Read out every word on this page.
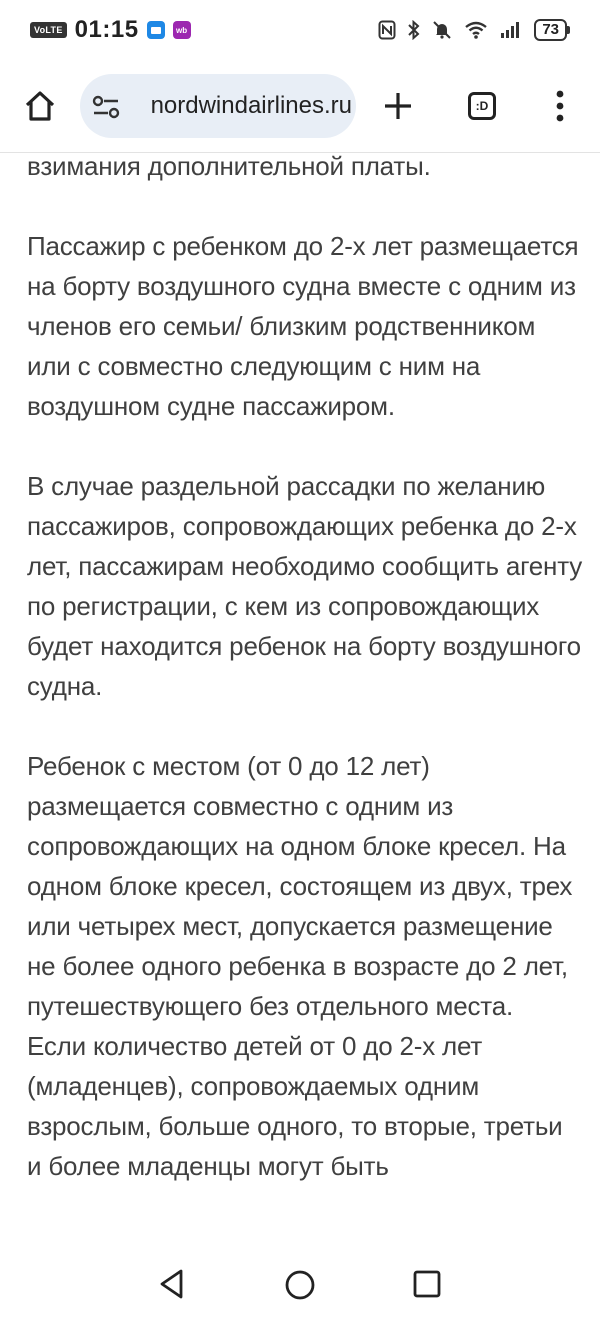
VoLTE 01:15	wb	73
nordwindairlines.ru	:D

взимания дополнительной платы.

Пассажир с ребенком до 2-х лет размещается на борту воздушного судна вместе с одним из членов его семьи/ близким родственником или с совместно следующим с ним на воздушном судне пассажиром.

В случае раздельной рассадки по желанию пассажиров, сопровождающих ребенка до 2-х лет, пассажирам необходимо сообщить агенту по регистрации, с кем из сопровождающих будет находится ребенок на борту воздушного судна.

Ребенок с местом (от 0 до 12 лет) размещается совместно с одним из сопровождающих на одном блоке кресел. На одном блоке кресел, состоящем из двух, трех или четырех мест, допускается размещение не более одного ребенка в возрасте до 2 лет, путешествующего без отдельного места.

Если количество детей от 0 до 2-х лет (младенцев), сопровождаемых одним взрослым, больше одного, то вторые, третьи и более младенцы могут быть
